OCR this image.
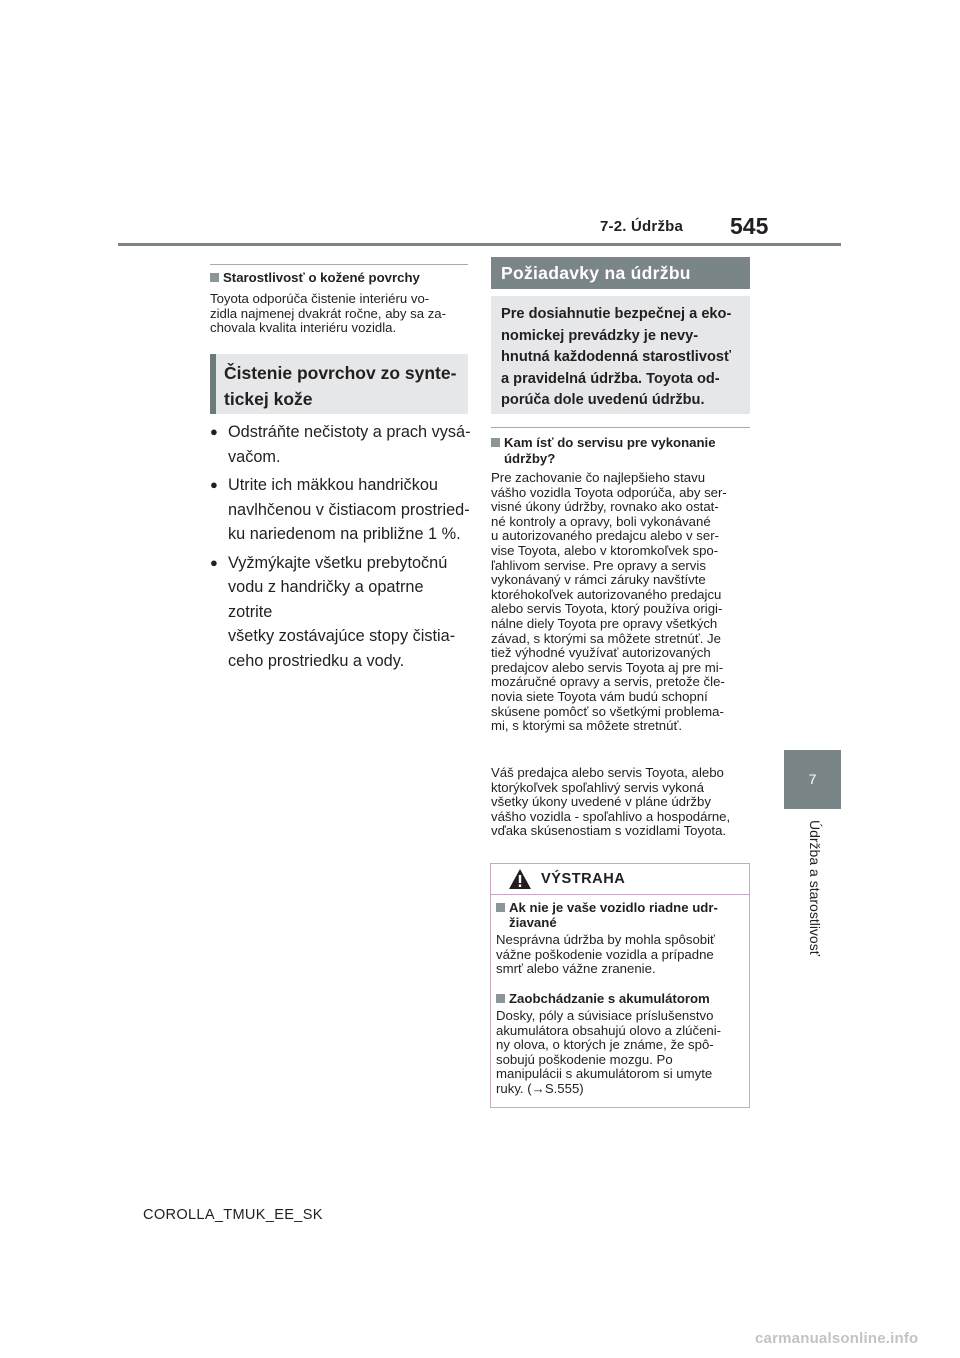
7-2. Údržba 545
7
Údržba a starostlivosť
Starostlivosť o kožené povrchy
Toyota odporúča čistenie interiéru vo-
zidla najmenej dvakrát ročne, aby sa za-
chovala kvalita interiéru vozidla.
Čistenie povrchov zo synte-
tickej kože
● Odstráňte nečistoty a prach vysá-
vačom.
● Utrite ich mäkkou handričkou
navlhčenou v čistiacom prostried-
ku nariedenom na približne 1 %.
● Vyžmýkajte všetku prebytočnú
vodu z handričky a opatrne zotrite
všetky zostávajúce stopy čistia-
ceho prostriedku a vody.
Požiadavky na údržbu
Pre dosiahnutie bezpečnej a eko-
nomickej prevádzky je nevy-
hnutná každodenná starostlivosť
a pravidelná údržba. Toyota od-
porúča dole uvedenú údržbu.
Kam ísť do servisu pre vykonanie
údržby?
Pre zachovanie čo najlepšieho stavu
vášho vozidla Toyota odporúča, aby ser-
visné úkony údržby, rovnako ako ostat-
né kontroly a opravy, boli vykonávané
u autorizovaného predajcu alebo v ser-
vise Toyota, alebo v ktoromkoľvek spo-
ľahlivom servise. Pre opravy a servis
vykonávaný v rámci záruky navštívte
ktoréhokoľvek autorizovaného predajcu
alebo servis Toyota, ktorý používa origi-
nálne diely Toyota pre opravy všetkých
závad, s ktorými sa môžete stretnúť. Je
tiež výhodné využívať autorizovaných
predajcov alebo servis Toyota aj pre mi-
mozáručné opravy a servis, pretože čle-
novia siete Toyota vám budú schopní
skúsene pomôcť so všetkými problema-
mi, s ktorými sa môžete stretnúť.
Váš predajca alebo servis Toyota, alebo
ktorýkoľvek spoľahlivý servis vykoná
všetky úkony uvedené v pláne údržby
vášho vozidla - spoľahlivo a hospodárne,
vďaka skúsenostiam s vozidlami Toyota.
VÝSTRAHA
Ak nie je vaše vozidlo riadne udr-
žiavané
Nesprávna údržba by mohla spôsobiť
vážne poškodenie vozidla a prípadne
smrť alebo vážne zranenie.
Zaobchádzanie s akumulátorom
Dosky, póly a súvisiace príslušenstvo
akumulátora obsahujú olovo a zlúčeni-
ny olova, o ktorých je známe, že spô-
sobujú poškodenie mozgu. Po
manipulácii s akumulátorom si umyte
ruky. (→S.555)
COROLLA_TMUK_EE_SK
carmanualsonline.info
